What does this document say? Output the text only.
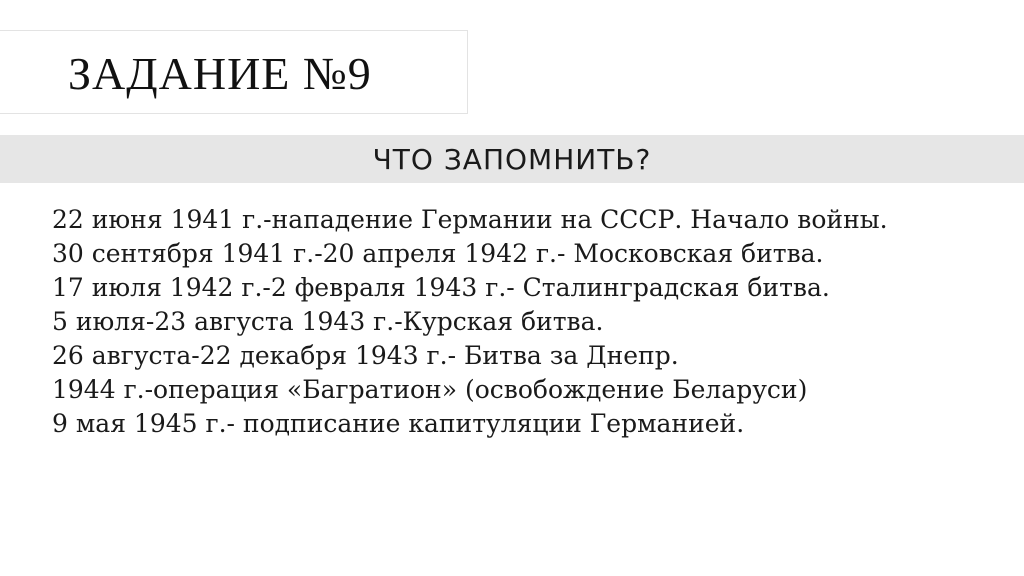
ЗАДАНИЕ №9
ЧТО ЗАПОМНИТЬ?
22 июня 1941 г.-нападение Германии на СССР. Начало войны.
30 сентября 1941 г.-20 апреля 1942 г.- Московская битва.
17 июля 1942 г.-2 февраля 1943 г.- Сталинградская битва.
5 июля-23 августа 1943 г.-Курская битва.
26 августа-22 декабря 1943 г.- Битва за Днепр.
1944 г.-операция «Багратион» (освобождение Беларуси)
9 мая 1945 г.- подписание капитуляции Германией.
